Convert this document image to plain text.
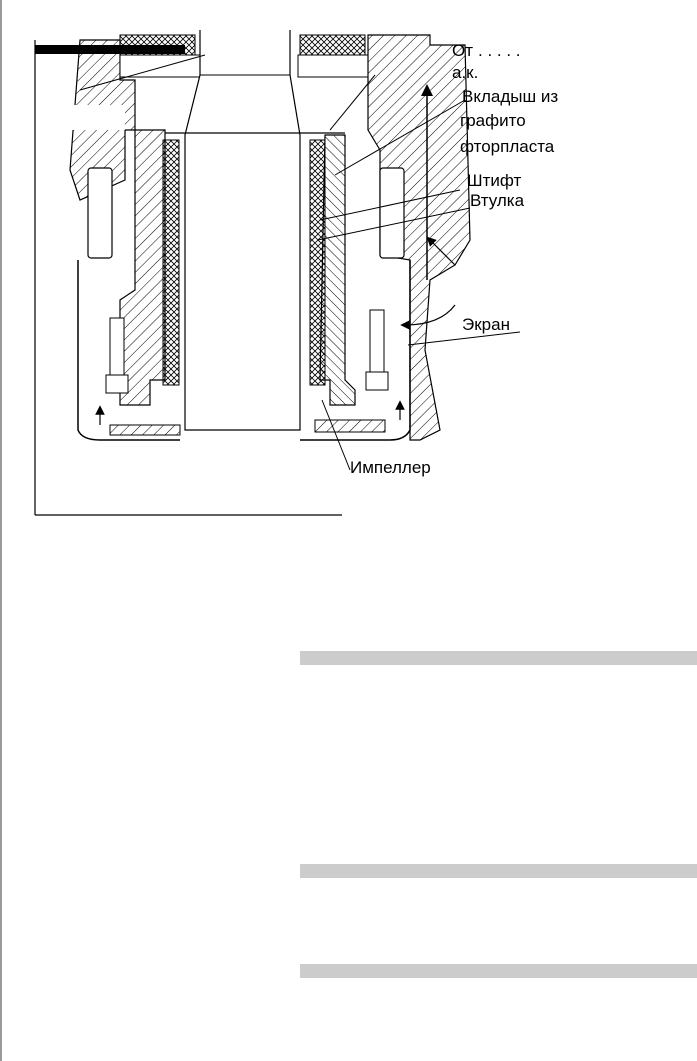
От . . . . .
а.к.
Вкладыш из
графито
фторпласта
Штифт
Втулка
Экран
Импеллер
